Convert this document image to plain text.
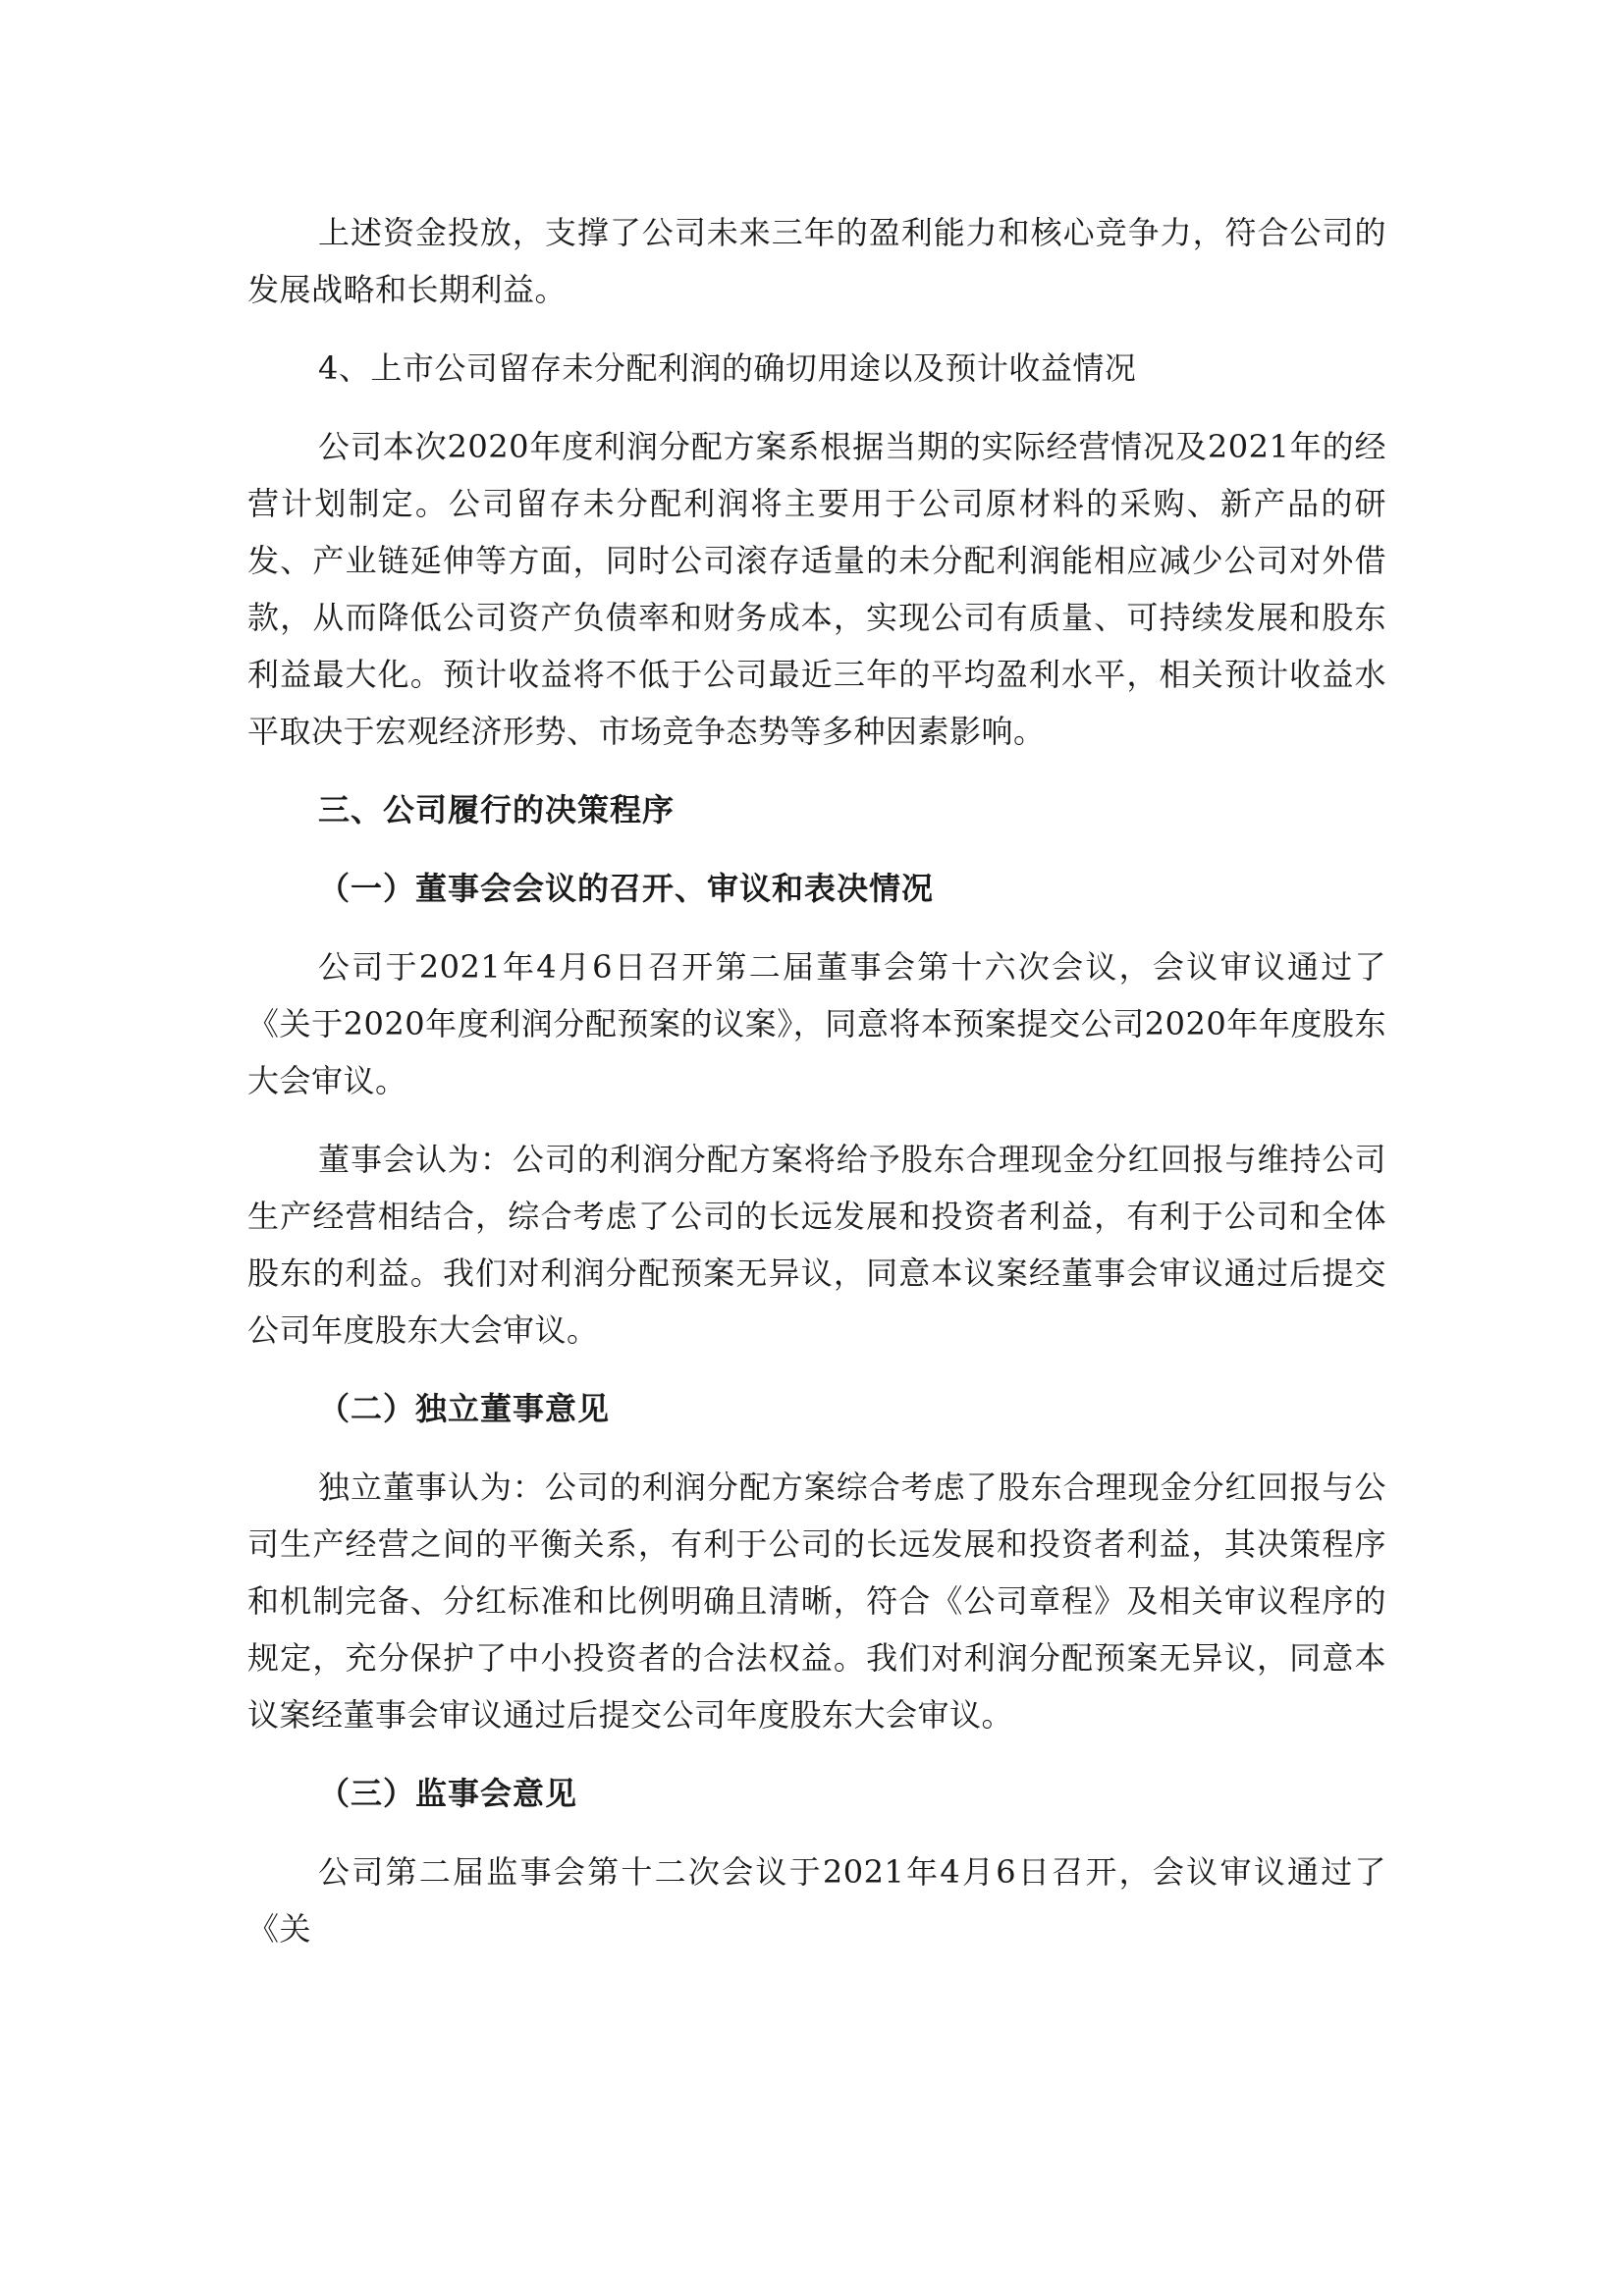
上述资金投放，支撑了公司未来三年的盈利能力和核心竞争力，符合公司的发展战略和长期利益。

4、上市公司留存未分配利润的确切用途以及预计收益情况

公司本次2020年度利润分配方案系根据当期的实际经营情况及2021年的经营计划制定。公司留存未分配利润将主要用于公司原材料的采购、新产品的研发、产业链延伸等方面，同时公司滚存适量的未分配利润能相应减少公司对外借款，从而降低公司资产负债率和财务成本，实现公司有质量、可持续发展和股东利益最大化。预计收益将不低于公司最近三年的平均盈利水平，相关预计收益水平取决于宏观经济形势、市场竞争态势等多种因素影响。

三、公司履行的决策程序

（一）董事会会议的召开、审议和表决情况

公司于2021年4月6日召开第二届董事会第十六次会议，会议审议通过了《关于2020年度利润分配预案的议案》，同意将本预案提交公司2020年年度股东大会审议。

董事会认为：公司的利润分配方案将给予股东合理现金分红回报与维持公司生产经营相结合，综合考虑了公司的长远发展和投资者利益，有利于公司和全体股东的利益。我们对利润分配预案无异议，同意本议案经董事会审议通过后提交公司年度股东大会审议。

（二）独立董事意见

独立董事认为：公司的利润分配方案综合考虑了股东合理现金分红回报与公司生产经营之间的平衡关系，有利于公司的长远发展和投资者利益，其决策程序和机制完备、分红标准和比例明确且清晰，符合《公司章程》及相关审议程序的规定，充分保护了中小投资者的合法权益。我们对利润分配预案无异议，同意本议案经董事会审议通过后提交公司年度股东大会审议。

（三）监事会意见

公司第二届监事会第十二次会议于2021年4月6日召开，会议审议通过了《关
